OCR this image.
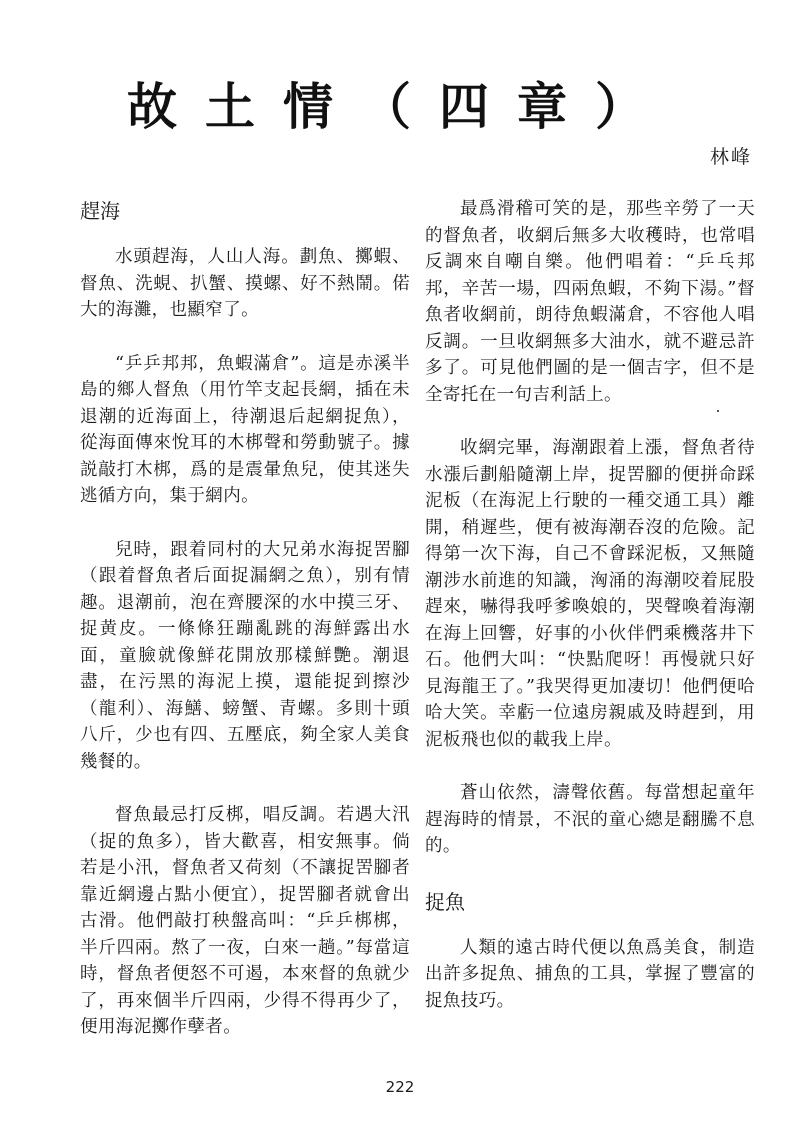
故土情（四章）
林峰
趕海

水頭趕海，人山人海。劃魚、擲蝦、督魚、洗蜆、扒蟹、摸螺、好不熱鬧。偌大的海灘，也顯窄了。

“乒乒邦邦，魚蝦滿倉”。這是赤溪半島的鄉人督魚（用竹竿支起長網，插在未退潮的近海面上，待潮退后起網捉魚），從海面傳來悅耳的木梆聲和勞動號子。據説敲打木梆，爲的是震暈魚兒，使其迷失逃循方向，集于網内。

兒時，跟着同村的大兄弟水海捉罟腳（跟着督魚者后面捉漏網之魚），别有情趣。退潮前，泡在齊腰深的水中摸三牙、捉黄皮。一條條狂蹦亂跳的海鮮露出水面，童臉就像鮮花開放那樣鮮艷。潮退盡，在污黑的海泥上摸，還能捉到擦沙（龍利）、海鱔、螃蟹、青螺。多則十頭八斤，少也有四、五壓底，夠全家人美食幾餐的。

督魚最忌打反梆，唱反調。若遇大汛（捉的魚多），皆大歡喜，相安無事。倘若是小汛，督魚者又荷刻（不讓捉罟腳者靠近網邊占點小便宜），捉罟腳者就會出古滑。他們敲打秧盤高叫：“乒乒梆梆，半斤四兩。熬了一夜，白來一趟。”每當這時，督魚者便怒不可遏，本來督的魚就少了，再來個半斤四兩，少得不得再少了，便用海泥擲作孽者。

最爲滑稽可笑的是，那些辛勞了一天的督魚者，收網后無多大收穫時，也常唱反調來自嘲自樂。他們唱着：“乒乓邦邦，辛苦一場，四兩魚蝦，不夠下湯。”督魚者收網前，朗待魚蝦滿倉，不容他人唱反調。一旦收網無多大油水，就不避忌許多了。可見他們圖的是一個吉字，但不是全寄托在一句吉利話上。

收網完畢，海潮跟着上漲，督魚者待水漲后劃船隨潮上岸，捉罟腳的便拼命踩泥板（在海泥上行駛的一種交通工具）離開，稍遲些，便有被海潮吞沒的危險。記得第一次下海，自己不會踩泥板，又無隨潮涉水前進的知識，洶涌的海潮咬着屁股趕來，嚇得我呼爹喚娘的，哭聲喚着海潮在海上回響，好事的小伙伴們乘機落井下石。他們大叫：“快點爬呀！再慢就只好見海龍王了。”我哭得更加凄切！他們便哈哈大笑。幸虧一位遠房親戚及時趕到，用泥板飛也似的載我上岸。

蒼山依然，濤聲依舊。每當想起童年趕海時的情景，不泯的童心總是翻騰不息的。

捉魚

人類的遠古時代便以魚爲美食，制造出許多捉魚、捕魚的工具，掌握了豐富的捉魚技巧。

222
